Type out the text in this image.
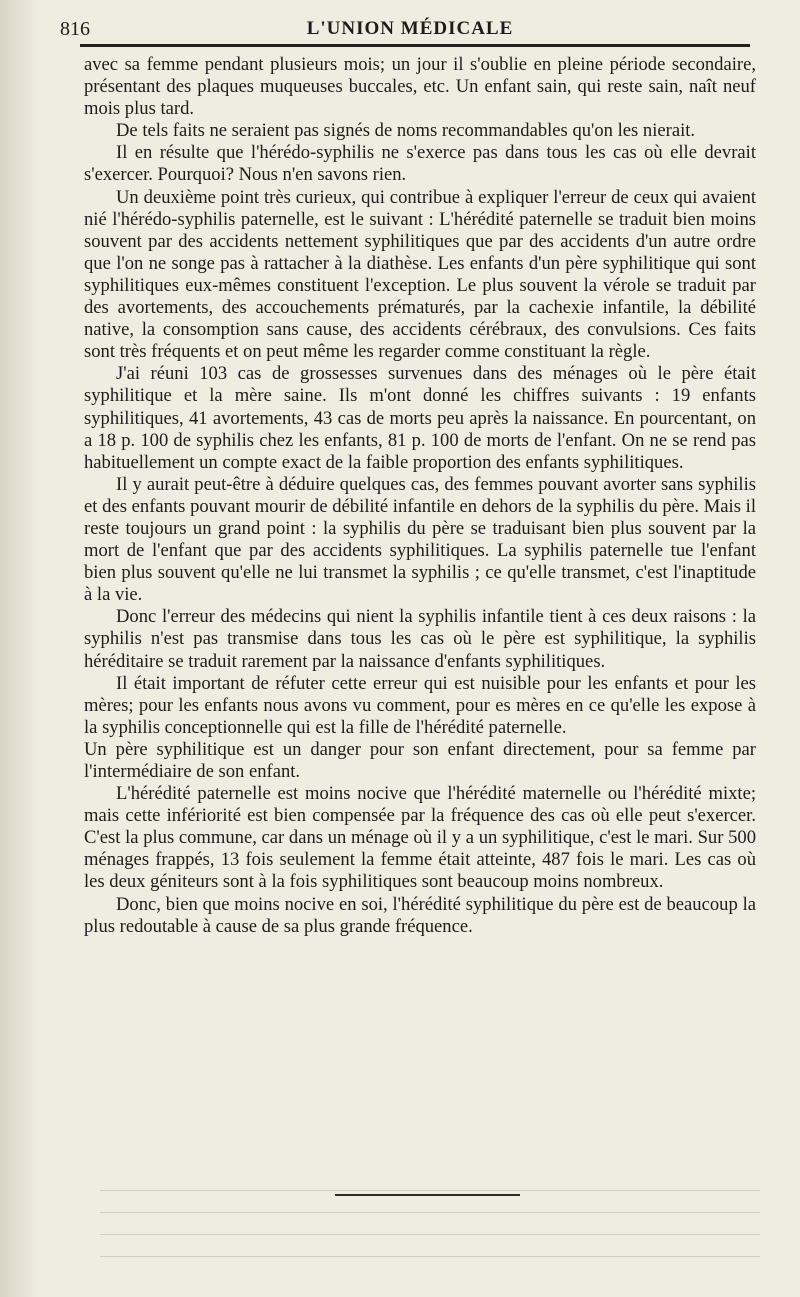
816	L'UNION MÉDICALE

avec sa femme pendant plusieurs mois; un jour il s'oublie en pleine période secondaire, présentant des plaques muqueuses buccales, etc. Un enfant sain, qui reste sain, naît neuf mois plus tard.

De tels faits ne seraient pas signés de noms recommandables qu'on les nierait.

Il en résulte que l'hérédo-syphilis ne s'exerce pas dans tous les cas où elle devrait s'exercer. Pourquoi? Nous n'en savons rien.

Un deuxième point très curieux, qui contribue à expliquer l'erreur de ceux qui avaient nié l'hérédo-syphilis paternelle, est le suivant : L'hérédité paternelle se traduit bien moins souvent par des accidents nettement syphilitiques que par des accidents d'un autre ordre que l'on ne songe pas à rattacher à la diathèse. Les enfants d'un père syphilitique qui sont syphilitiques eux-mêmes constituent l'exception. Le plus souvent la vérole se traduit par des avortements, des accouchements prématurés, par la cachexie infantile, la débilité native, la consomption sans cause, des accidents cérébraux, des convulsions. Ces faits sont très fréquents et on peut même les regarder comme constituant la règle.

J'ai réuni 103 cas de grossesses survenues dans des ménages où le père était syphilitique et la mère saine. Ils m'ont donné les chiffres suivants : 19 enfants syphilitiques, 41 avortements, 43 cas de morts peu après la naissance. En pourcentant, on a 18 p. 100 de syphilis chez les enfants, 81 p. 100 de morts de l'enfant. On ne se rend pas habituellement un compte exact de la faible proportion des enfants syphilitiques.

Il y aurait peut-être à déduire quelques cas, des femmes pouvant avorter sans syphilis et des enfants pouvant mourir de débilité infantile en dehors de la syphilis du père. Mais il reste toujours un grand point : la syphilis du père se traduisant bien plus souvent par la mort de l'enfant que par des accidents syphilitiques. La syphilis paternelle tue l'enfant bien plus souvent qu'elle ne lui transmet la syphilis ; ce qu'elle transmet, c'est l'inaptitude à la vie.

Donc l'erreur des médecins qui nient la syphilis infantile tient à ces deux raisons : la syphilis n'est pas transmise dans tous les cas où le père est syphilitique, la syphilis héréditaire se traduit rarement par la naissance d'enfants syphilitiques.

Il était important de réfuter cette erreur qui est nuisible pour les enfants et pour les mères; pour les enfants nous avons vu comment, pour es mères en ce qu'elle les expose à la syphilis conceptionnelle qui est la fille de l'hérédité paternelle.

Un père syphilitique est un danger pour son enfant directement, pour sa femme par l'intermédiaire de son enfant.

L'hérédité paternelle est moins nocive que l'hérédité maternelle ou l'hérédité mixte; mais cette infériorité est bien compensée par la fréquence des cas où elle peut s'exercer. C'est la plus commune, car dans un ménage où il y a un syphilitique, c'est le mari. Sur 500 ménages frappés, 13 fois seulement la femme était atteinte, 487 fois le mari. Les cas où les deux géniteurs sont à la fois syphilitiques sont beaucoup moins nombreux.

Donc, bien que moins nocive en soi, l'hérédité syphilitique du père est de beaucoup la plus redoutable à cause de sa plus grande fréquence.
